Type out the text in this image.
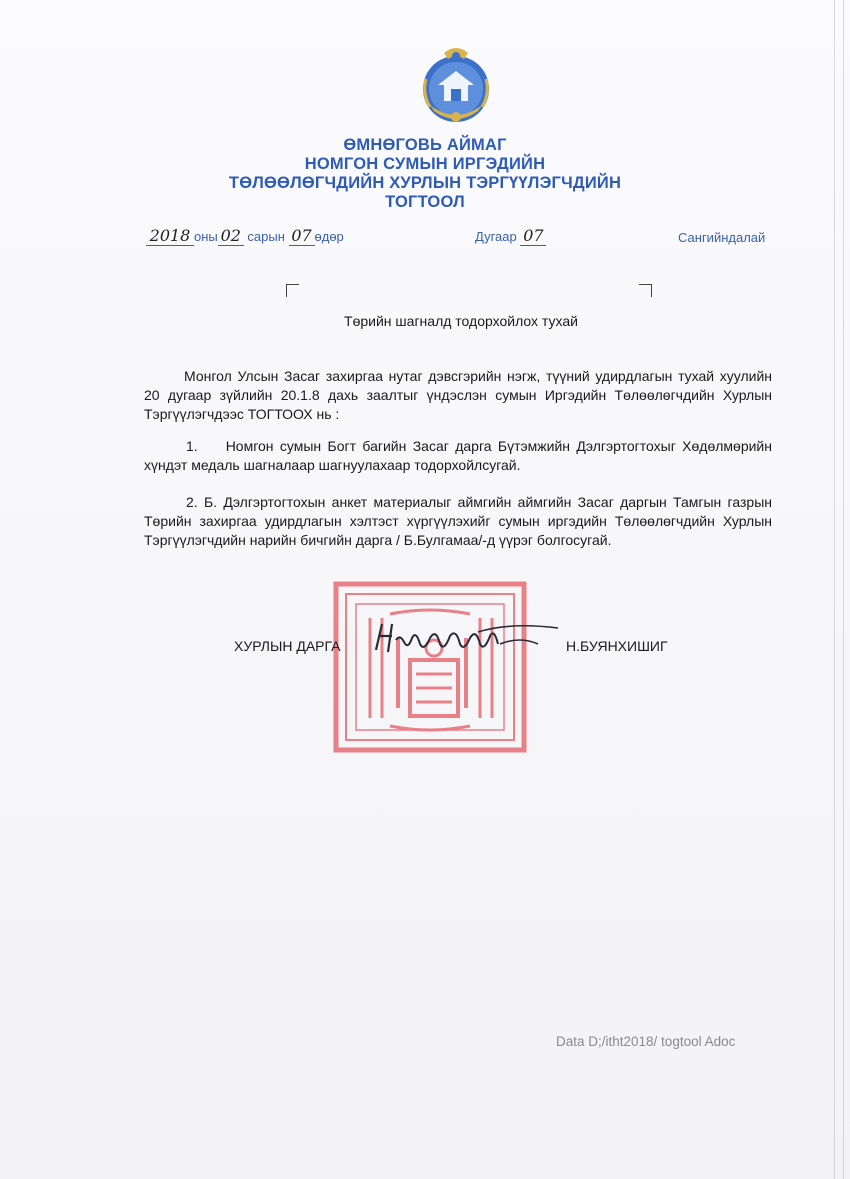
ӨМНӨГОВЬ АЙМАГ
НОМГОН СУМЫН ИРГЭДИЙН
ТӨЛӨӨЛӨГЧДИЙН ХУРЛЫН ТЭРГҮҮЛЭГЧДИЙН
ТОГТООЛ
2018 оны 02 сарын 07 өдөр	Дугаар 07	Сангийндалай
Төрийн шагналд тодорхойлох тухай
Монгол Улсын Засаг захиргаа нутаг дэвсгэрийн нэгж, түүний удирдлагын тухай хуулийн 20 дугаар зүйлийн 20.1.8 дахь заалтыг үндэслэн сумын Иргэдийн Төлөөлөгчдийн Хурлын Тэргүүлэгчдээс ТОГТООХ нь :
1. Номгон сумын Богт багийн Засаг дарга Бүтэмжийн Дэлгэртогтохыг Хөдөлмөрийн хүндэт медаль шагналаар шагнуулахаар тодорхойлсугай.
2. Б. Дэлгэртогтохын анкет материалыг аймгийн аймгийн Засаг даргын Тамгын газрын Төрийн захиргаа удирдлагын хэлтэст хүргүүлэхийг сумын иргэдийн Төлөөлөгчдийн Хурлын Тэргүүлэгчдийн нарийн бичгийн дарга / Б.Булгамаа/-д үүрэг болгосугай.
ХУРЛЫН ДАРГА	Н.БУЯНХИШИГ
Data D;/itht2018/ togtool Adoc
